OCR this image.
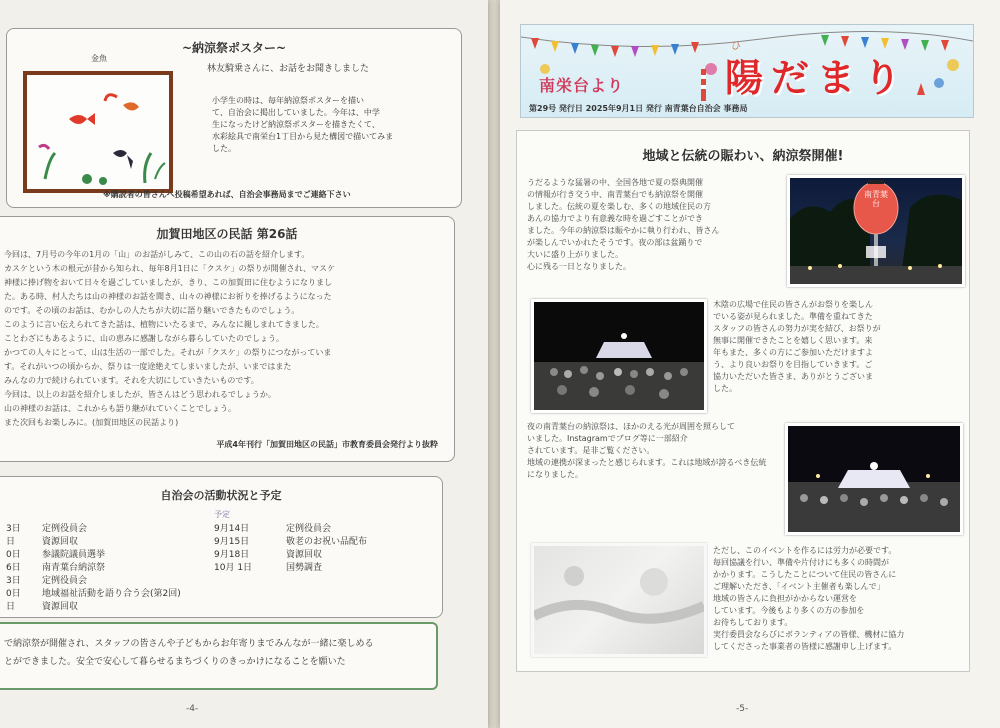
~納涼祭ポスター~
金魚
林友騎乗さんに、お話をお聞きしました
小学生の時は、毎年納涼祭ポスターを描い
て、自治会に掲出していました。今年は、中学
生になったけど納涼祭ポスターを描きたくて、
水彩絵具で南栄台1丁目から見た構図で描いてみま
した。
※購読者の皆さんへ投稿希望あれば、自治会事務局までご連絡下さい
加賀田地区の民話 第26話
今回は、7月号の今年の1月の「山」のお話がしみて、この山の石の話を紹介します。
カスケという木の根元が昔から知られ、毎年8月1日に「クスケ」の祭りが開催され、マスケ
神様に捧げ物をおいて日々を過ごしていましたが、きり、この加賀田に住むようになりまし
た。ある時、村人たちは山の神様のお話を聞き、山々の神様にお祈りを捧げるようになった
のです。その頃のお話は、むかしの人たちが大切に語り継いできたものでしょう。
このように言い伝えられてきた話は、植物にいたるまで、みんなに親しまれてきました。
ことわざにもあるように、山の恵みに感謝しながら暮らしていたのでしょう。
かつての人々にとって、山は生活の一部でした。それが「クスケ」の祭りにつながっていま
す。それがいつの頃からか、祭りは一度途絶えてしまいましたが、いまではまた
みんなの力で続けられています。それを大切にしていきたいものです。
今回は、以上のお話を紹介しましたが、皆さんはどう思われるでしょうか。
山の神様のお話は、これからも語り継がれていくことでしょう。
また次回もお楽しみに。(加賀田地区の民話より)
平成4年刊行「加賀田地区の民話」市教育委員会発行より抜粋
自治会の活動状況と予定
3日 定例役員会
日	資源回収
0日 参議院議員選挙
6日 南青葉台納涼祭
3日 定例役員会
0日 地域福祉活動を語り合う会(第2回)
日	資源回収
予定
9月14日	定例役員会
9月15日	敬老のお祝い品配布
9月18日	資源回収
10月 1日	国勢調査
で納涼祭が開催され、スタッフの皆さんや子どもからお年寄りまでみんなが一緒に楽しめる
とができました。安全で安心して暮らせるまちづくりのきっかけになることを願いた
-4-
南栄台より	陽だまり
ひ
第29号 発行日 2025年9月1日 発行 南青葉台自治会 事務局
地域と伝統の賑わい、納涼祭開催!
うだるような猛暑の中、全国各地で夏の祭典開催
の情報が行き交う中、南青葉台でも納涼祭を開催
しました。伝統の夏を楽しむ、多くの地域住民の方
あんの協力でより有意義な時を過ごすことができ
ました。今年の納涼祭は賑やかに執り行われ、皆さん
が楽しんでいかれたそうです。夜の部は盆踊りで
大いに盛り上がりました。
心に残る一日となりました。
南青葉台
木陰の広場で住民の皆さんがお祭りを楽しん
でいる姿が見られました。準備を重ねてきた
スタッフの皆さんの努力が実を結び、お祭りが
無事に開催できたことを嬉しく思います。来
年もまた、多くの方にご参加いただけますよ
う、より良いお祭りを目指していきます。ご
協力いただいた皆さま、ありがとうございま
した。
夜の南青葉台の納涼祭は、ほかのえる光が周囲を照らして
いました。Instagramでブログ等に一部紹介
されています。是非ご覧ください。
地域の連携が深まったと感じられます。これは地域が誇るべき伝統
になりました。
ただし、このイベントを作るには労力が必要です。
毎回協議を行い、準備や片付けにも多くの時間が
かかります。こうしたことについて住民の皆さんに
ご理解いただき、「イベント主催者も楽しんで」
地域の皆さんに負担がかからない運営を
しています。今後もより多くの方の参加を
お待ちしております。
実行委員会ならびにボランティアの皆様、機材に協力
してくださった事業者の皆様に感謝申し上げます。
-5-
